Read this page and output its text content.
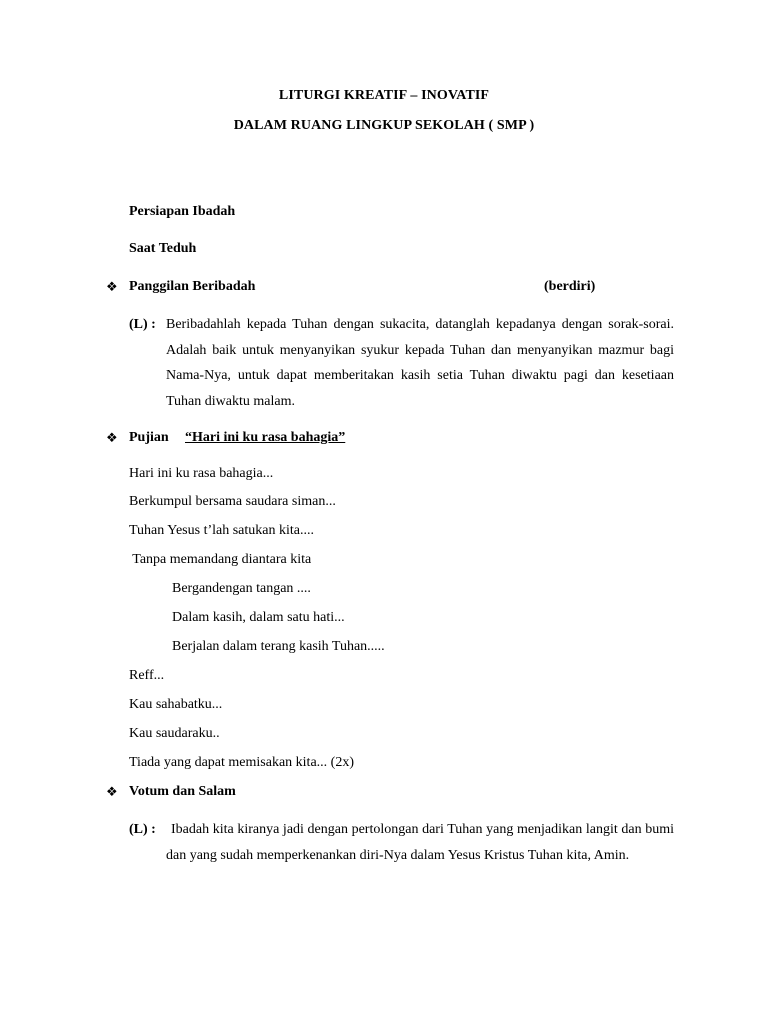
LITURGI KREATIF – INOVATIF
DALAM RUANG LINGKUP SEKOLAH ( SMP )
Persiapan Ibadah
Saat Teduh
❖ Panggilan Beribadah	(berdiri)
(L) : Beribadahlah kepada Tuhan dengan sukacita, datanglah kepadanya dengan sorak-sorai. Adalah baik untuk menyanyikan syukur kepada Tuhan dan menyanyikan mazmur bagi Nama-Nya, untuk dapat memberitakan kasih setia Tuhan diwaktu pagi dan kesetiaan Tuhan diwaktu malam.
❖ Pujian “Hari ini ku rasa bahagia”
Hari ini ku rasa bahagia...
Berkumpul bersama saudara siman...
Tuhan Yesus t’lah satukan kita....
Tanpa memandang diantara kita
Bergandengan tangan ....
Dalam kasih, dalam satu hati...
Berjalan dalam terang kasih Tuhan.....
Reff...
Kau sahabatku...
Kau saudaraku..
Tiada yang dapat memisakan kita... (2x)
❖ Votum dan Salam
(L) :	Ibadah kita kiranya jadi dengan pertolongan dari Tuhan yang menjadikan langit dan bumi dan yang sudah memperkenankan diri-Nya dalam Yesus Kristus Tuhan kita, Amin.
